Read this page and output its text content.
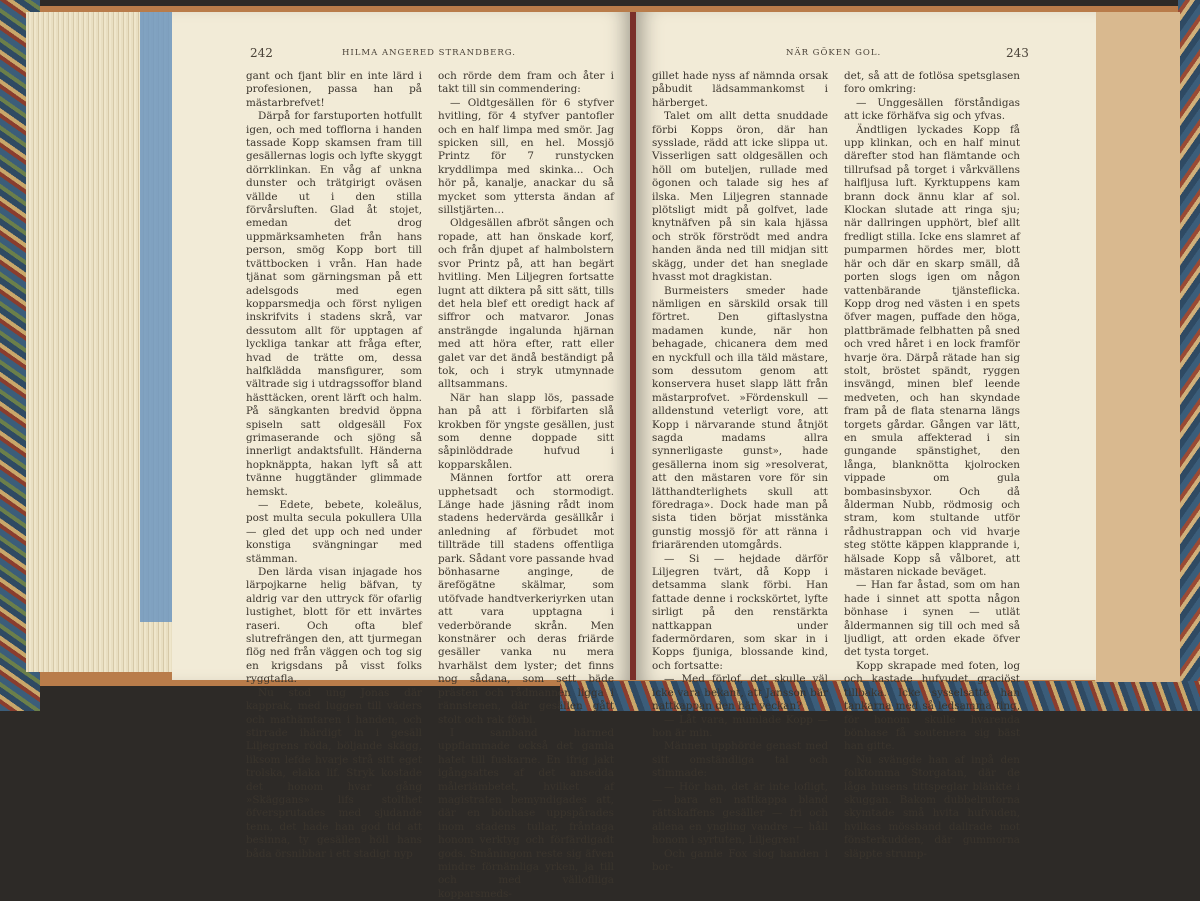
242	HILMA ANGERED STRANDBERG.

gant och fjant blir en inte lärd i profesionen, passa han på mästarbrefvet!

Därpå for farstuporten hotfullt igen, och med tofflorna i handen tassade Kopp skamsen fram till gesällernas logis och lyfte skyggt dörrklinkan. En våg af unkna dunster och trätgirigt oväsen vällde ut i den stilla förvårsluften. Glad åt stojet, emedan det drog uppmärksamheten från hans person, smög Kopp bort till tvättbocken i vrån. Han hade tjänat som gärningsman på ett adelsgods med egen kopparsmedja och först nyligen inskrifvits i stadens skrå, var dessutom allt för upptagen af lyckliga tankar att fråga efter, hvad de trätte om, dessa halfklädda mansfigurer, som vältrade sig i utdragssoffor bland hästtäcken, orent lärft och halm. På sängkanten bredvid öppna spiseln satt oldgesäll Fox grimaserande och sjöng så innerligt andaktsfullt. Händerna hopknäppta, hakan lyft så att tvänne huggtänder glimmade hemskt.

— Edete, bebete, koleälus, post multa secula pokullera Ulla — gled det upp och ned under konstiga svängningar med stämman.

Den lärda visan injagade hos lärpojkarne helig bäfvan, ty aldrig var den uttryck för ofarlig lustighet, blott för ett invärtes raseri. Och ofta blef slutrefrängen den, att tjurmegan flög ned från väggen och tog sig en krigsdans på visst folks ryggtafla.

Nu stod ung Jonas där kapprak, med luggen till väders och mathämtaren i handen, och stirrade ihärdigt in i gesäll Liljegrens röda, böljande skägg, liksom lefde hvarje strå sitt eget trolska, elaka lif. Stryk kostade det honom hvar gång »Skäggans» lifs stolthet öfversprutades med sjudande tenn, det hade han god tid att besinna, ty gesällen höll hans båda örsnibbar i ett stadigt nyp

och rörde dem fram och åter i takt till sin commendering:

— Oldtgesällen för 6 styfver hvitling, för 4 styfver pantofler och en half limpa med smör. Jag spicken sill, en hel. Mossjö Printz för 7 runstycken kryddlimpa med skinka... Och hör på, kanalje, anackar du så mycket som yttersta ändan af sillstjärten...

Oldgesällen afbröt sången och ropade, att han önskade korf, och från djupet af halmbolstern svor Printz på, att han begärt hvitling. Men Liljegren fortsatte lugnt att diktera på sitt sätt, tills det hela blef ett oredigt hack af siffror och matvaror. Jonas ansträngde ingalunda hjärnan med att höra efter, ratt eller galet var det ändå beständigt på tok, och i stryk utmynnade alltsammans.

När han slapp lös, passade han på att i förbifarten slå krokben för yngste gesällen, just som denne doppade sitt såpinlöddrade hufvud i kopparskålen.

Männen fortfor att orera upphetsadt och stormodigt. Länge hade jäsning rådt inom stadens hedervärda gesällkår i anledning af förbudet mot tillträde till stadens offentliga park. Sådant vore passande hvad bönhasarne anginge, de ärefögätne skälmar, som utöfvade handtverkeriyrken utan att vara upptagna i vederbörande skrån. Men konstnärer och deras friärde gesäller vanka nu mera hvarhälst dem lyster; det finns nog sådana, som sett bäde prästen och rådmannen ligga i rännstenen, där gesällen gått stolt och rak förbi.

I samband härmed uppflammade också det gamla hatet till fuskarne. En ifrig jakt igångsattes af det ansedda måleriämbetet, hvilket af magistraten bemyndigades att, där en bönhase uppspårades inom stadens tullar, fråntaga honom verktyg och förfärdigadt gods. Småningom reste sig äfven mindre förnämliga yrken, ja till och med välloflliga kopparsmeds-

NÄR GÖKEN GOL.	243

gillet hade nyss af nämnda orsak påbudit lädsammankomst i härberget.

Talet om allt detta snuddade förbi Kopps öron, där han sysslade, rädd att icke slippa ut. Visserligen satt oldgesällen och höll om buteljen, rullade med ögonen och talade sig hes af ilska. Men Liljegren stannade plötsligt midt på golfvet, lade knytnäfven på sin kala hjässa och strök förströdt med andra handen ända ned till midjan sitt skägg, under det han sneglade hvasst mot dragkistan.

Burmeisters smeder hade nämligen en särskild orsak till förtret. Den giftaslystna madamen kunde, när hon behagade, chicanera dem med en nyckfull och illa täld mästare, som dessutom genom att konservera huset slapp lätt från mästarprofvet. »Fördenskull — alldenstund veterligt vore, att Kopp i närvarande stund åtnjöt sagda madams allra synnerligaste gunst», hade gesällerna inom sig »resolverat, att den mästaren vore för sin lätthandterlighets skull att föredraga». Dock hade man på sista tiden börjat misstänka gunstig mossjö för att ränna i friarärenden utomgårds.

— Si — hejdade därför Liljegren tvärt, då Kopp i detsamma slank förbi. Han fattade denne i rockskörtet, lyfte sirligt på den renstärkta nattkappan under fadermördaren, som skar in i Kopps fjuniga, blossande kind, och fortsatte:

— Med förlof, det skulle väl icke vara bekant, att Jansson bär nattkappan den här veckan?

— Låt vara, mumlade Kopp — hon är min.

Männen upphörde genast med sitt omständliga tal och stimmade:

— Hör han, det är inte lofligt, — bara en nattkappa bland rättskaffens gesäller — fri och allena en yngling vandre — håll honom i syrtuten, Liljegren!

Och gamle Fox slog handen i bor-

det, så att de fotlösa spetsglasen foro omkring:

— Unggesällen förståndigas att icke förhäfva sig och yfvas.

Ändtligen lyckades Kopp få upp klinkan, och en half minut därefter stod han flämtande och tillrufsad på torget i vårkvällens halfljusa luft. Kyrktuppens kam brann dock ännu klar af sol. Klockan slutade att ringa sju; när dallringen upphört, blef allt fredligt stilla. Icke ens slamret af pumparmen hördes mer, blott här och där en skarp smäll, då porten slogs igen om någon vattenbärande tjänsteflicka. Kopp drog ned västen i en spets öfver magen, puffade den höga, plattbrämade felbhatten på sned och vred håret i en lock framför hvarje öra. Därpå rätade han sig stolt, bröstet spändt, ryggen insvängd, minen blef leende medveten, och han skyndade fram på de flata stenarna längs torgets gårdar. Gången var lätt, en smula affekterad i sin gungande spänstighet, den långa, blanknötta kjolrocken vippade om gula bombasinsbyxor. Och då ålderman Nubb, rödmosig och stram, kom stultande utför rådhustrappan och vid hvarje steg stötte käppen klapprande i, hälsade Kopp så vålboret, att mästaren nickade beväget.

— Han far åstad, som om han hade i sinnet att spotta någon bönhase i synen — utlät åldermannen sig till och med så ljudligt, att orden ekade öfver det tysta torget.

Kopp skrapade med foten, log och kastade hufvudet graciöst tillbaka. Icke sysselsatte han tankarna med så ledsamma ting, för honom skulle hvarenda bönhase få soutenera sig bäst han gitte.

Nu svängde han af inpå den folktomma Storgatan, där de låga husens tittspeglar blänkte i skuggan. Bakom dubbelrutorna skymtade små hvita hufvuden, hvilkas mössband dallrade mot fönsterkudden, där gummorna släppte strump-
